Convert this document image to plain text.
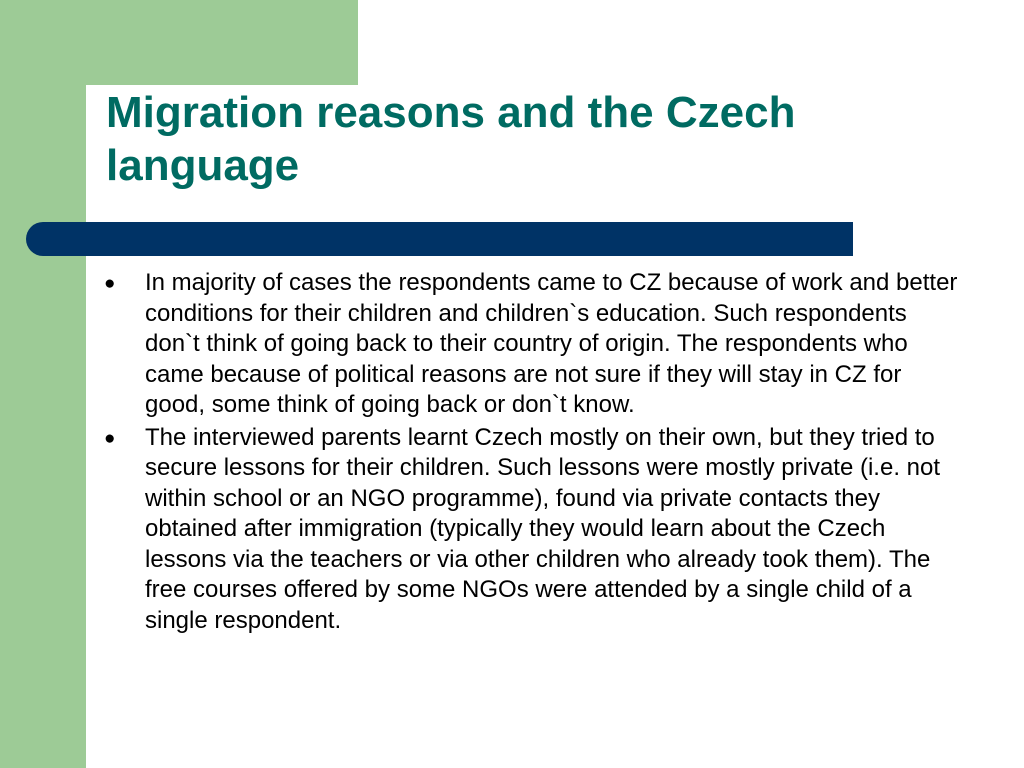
Migration reasons and the Czech language
●	In majority of cases the respondents came to CZ because of work and better conditions for their children and children`s education. Such respondents don`t think of going back to their country of origin. The respondents who came because of political reasons are not sure if they will stay in CZ for good, some think of going back or don`t know.
●	The interviewed parents learnt Czech mostly on their own, but they tried to secure lessons for their children. Such lessons were mostly private (i.e. not within school or an NGO programme), found via private contacts they obtained after immigration (typically they would learn about the Czech lessons via the teachers or via other children who already took them). The free courses offered by some NGOs were attended by a single child of a single respondent.
